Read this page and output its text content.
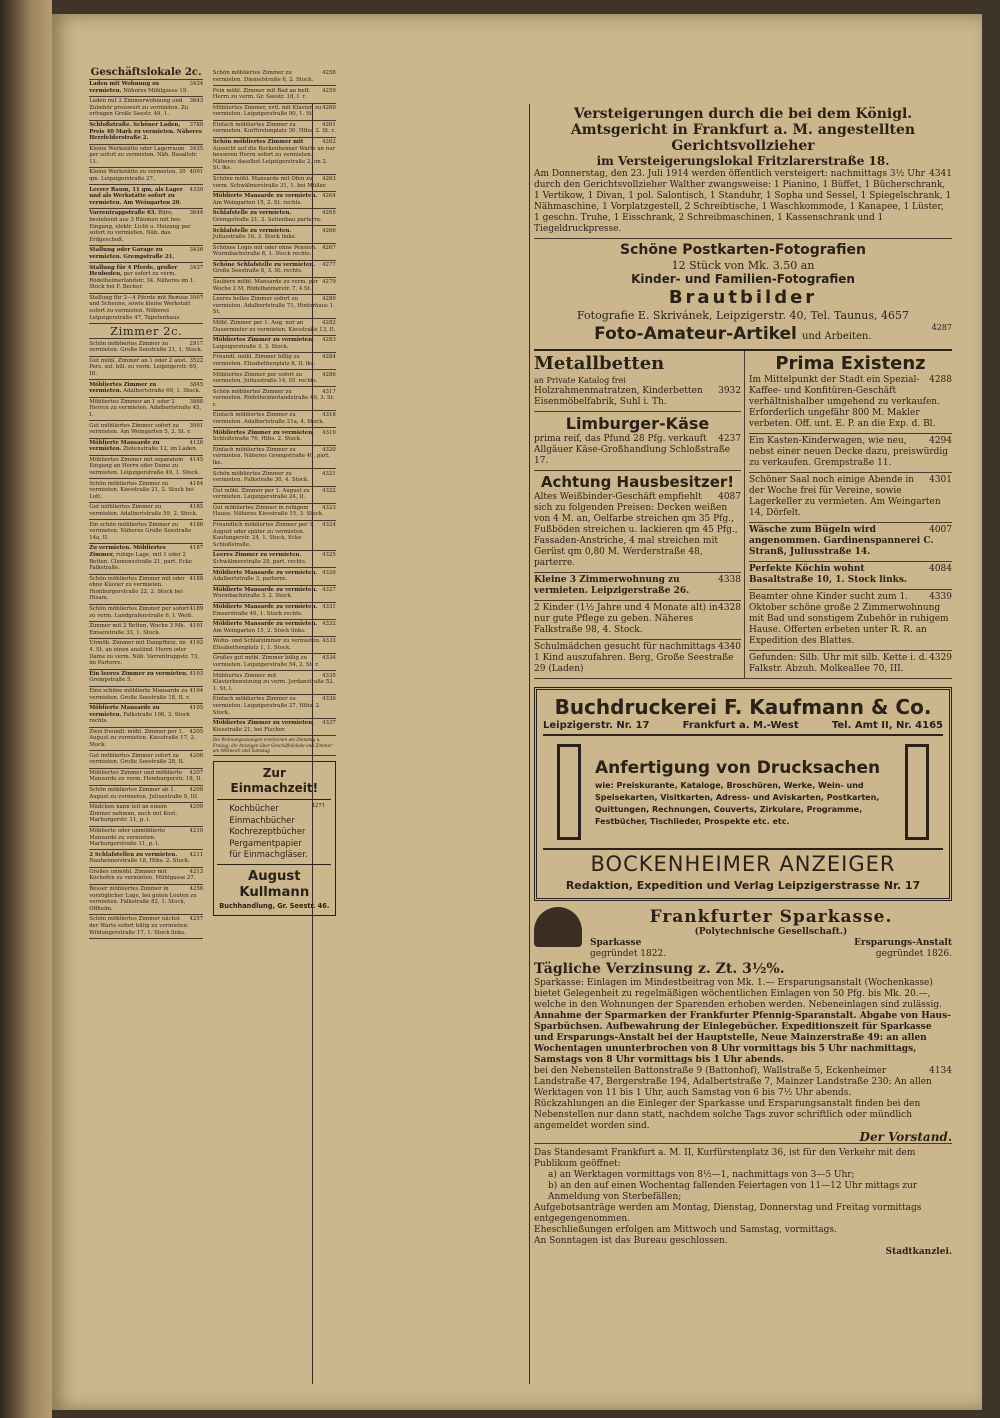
Geschäftslokale 2c.
3434
Laden mit Wohnung zu vermieten. Näheres Mühlgasse 19.
3643
Laden mit 2 Zimmerwohnung und Zubehör preiswert zu vermieten. Zu erfragen Große Seestr. 49, 1.
3788
Schloßstraße. Schöner Laden, Preis 40 Mark zu vermieten. Näheres Herzfelderstraße 2.
3435
Kleine Werkstätte oder Lagerraum per sofort zu vermieten. Näh. Basaltstr. 11.
4091
Kleine Werkstätte zu vermieten, 20 qm. Leipzigerstraße 27.
4330
Leerer Raum, 11 qm, als Lager und als Werkstätte sofort zu vermieten. Am Weingarten 20.
3644
Varrentrappstraße 63. Büro, bestehend aus 3 Räumen mit bes. Eingang, elektr. Licht u. Heizung per sofort zu vermieten. Näh. das. Erdgeschoß.
3436
Stallung oder Garage zu vermieten. Grempstraße 21.
3437
Stallung für 4 Pferde, großer Heuboden, per sofort zu verm. Rödelheimerlandstr. 34. Näheres im 1. Stock bei F. Becker.
3907
Stallung für 2—4 Pferde mit Remise und Scheune, sowie kleine Werkstatt sofort zu vermieten. Näheres Leipzigerstraße 47, Tapetenhaus.
Zimmer 2c.
2917
Schön möbliertes Zimmer zu vermieten. Große Seestraße 21, 1. Stock.
3522
Gut möbl. Zimmer an 1 oder 2 anst. Pers. sof. bill. zu verm. Leipzigerstr. 69, III.
3845
Möbliertes Zimmer zu vermieten. Adalbertstraße 69, 1. Stock.
3868
Möbliertes Zimmer an 1 oder 2 Herren zu vermieten. Adalbertstraße 45, I.
3991
Gut möbliertes Zimmer sofort zu vermieten. Am Weingarten 5, 2. St. r.
4126
Möblierte Mansarde zu vermieten. Zietenstraße 12, im Laden.
4145
Möbliertes Zimmer mit separatem Eingang an Herrn oder Dame zu vermieten. Leipzigerstraße 49, 1. Stock.
4184
Schön möbliertes Zimmer zu vermieten. Kiesstraße 21, 2. Stock bei Lott.
4185
Gut möbliertes Zimmer zu vermieten. Adalbertstraße 59, 2. Stock.
4186
Ein schön möbliertes Zimmer zu vermieten. Näheres Große Seestraße 14a, II.
4187
Zu vermieten. Möbliertes Zimmer, ruhige Lage, mit 1 oder 2 Betten. Clemensstraße 21, part. Ecke Falkstraße.
4188
Schön möbliertes Zimmer mit oder ohne Klavier zu vermieten. Homburgerstraße 22, 2. Stock bei Hisam.
4189
Schön möbliertes Zimmer per sofort zu verm. Landgrafenstraße 6, I. Weiß.
4191
Zimmer mit 2 Betten, Woche 3 Mk. Emserstraße 33, 1. Stock.
4192
Unmöb. Zimmer mit Dampfheiz. im 4. St. an einen anständ. Herrn oder Dame zu verm. Näh. Varrentrappstr. 73, im Parterre.
4193
Ein leeres Zimmer zu vermieten. Grempstraße 5.
4194
Eine schöne möblierte Mansarde zu vermieten. Große Seestraße 18, II. r.
4195
Möblierte Mansarde zu vermieten. Falkstraße 108, 3. Stock rechts.
4205
Zwei freundl. möbl. Zimmer per 1. August zu vermieten. Kiesstraße 17, 2. Stock.
4206
Gut möbliertes Zimmer sofort zu vermieten. Große Seestraße 28, II.
4207
Möbliertes Zimmer und möblierte Mansarde zu verm. Homburgerstr. 18, II.
4208
Schön möbliertes Zimmer ab 1. August zu vermieten. Juliusstraße 9, III.
4209
Mädchen kann teil an einem Zimmer nehmen, auch mit Kost. Marburgerstr. 11, p. l.
4210
Möblierte oder unmöblierte Mansarde zu vermieten. Marburgerstraße 11, p. l.
4211
2 Schlafstellen zu vermieten. Nauheimerstraße 18, Hths. 2. Stock.
4213
Großes unmöbl. Zimmer mit Kochofen zu vermieten. Mühlgasse 27.
4256
Besser möbliertes Zimmer in vorzüglicher Lage, bei guten Leuten zu vermieten. Falkstraße 82, 1. Stock, Offheim.
4257
Schön möbliertes Zimmer nächst der Warte sofort billig zu vermieten. Wildungerstraße 17, 1. Stock links.
4258
Schön möbliertes Zimmer zu vermieten. Diemelstraße 6, 2. Stock.
4259
Fein möbl. Zimmer mit Bad an beff. Herrn zu verm. Gr. Seestr. 18, I. r.
4260
Möbliertes Zimmer, evtl. mit Klavier, zu vermieten. Leipzigerstraße 90, 1. St.
4261
Einfach möbliertes Zimmer zu vermieten. Kurfürstenplatz 30, Hths. 2. St. r.
4262
Schön möbliertes Zimmer mit Aussicht auf die Bockenheimer Warte an nur besseren Herrn sofort zu vermieten. Näheres daselbst Leipzigerstraße 2, im 2. St. lks.
4263
Schöne möbl. Mansarde mit Ofen zu verm. Schwälmerstraße 31, 1. bei Müller.
4264
Möblierte Mansarde zu vermieten. Am Weingarten 15, 2. St. rechts.
4265
Schlafstelle zu vermieten. Grempstraße 21, 2. Seitenbau parterre.
4266
Schlafstelle zu vermieten. Juliusstraße 16, 3. Stock links.
4267
Schönes Logis mit oder ohne Pension. Wurmbachstraße 8, 1. Stock rechts.
4277
Schöne Schlafstelle zu vermieten. Große Seestraße 8, 3. St. rechts.
4279
Saubere möbl. Mansarde zu verm. per Woche 2 M. Rödelheimerstr. 7, 4 St.
4280
Leeres helles Zimmer sofort zu vermieten. Adalbertstraße 71, Hinterhaus 1. St.
4282
Möbl. Zimmer per 1. Aug. nur an Dauermieter zu vermieten. Kiesstraße 13, II.
4283
Möbliertes Zimmer zu vermieten. Leipzigerstraße 3, 3. Stock.
4284
Freundl. möbl. Zimmer billig zu vermieten. Elisabethenplatz 8, II. lks.
4286
Möbliertes Zimmer per sofort zu vermieten. Juliusstraße 14, III. rechts.
4317
Schön möbliertes Zimmer zu vermieten. Rödelheimerlandstraße 40, 3. St. r.
4318
Einfach möbliertes Zimmer zu vermieten. Adalbertstraße 21a, 4. Stock.
4319
Möbliertes Zimmer zu vermieten. Schloßstraße 76, Hths. 2. Stock.
4320
Einfach möbliertes Zimmer zu vermieten. Näheres Grempstraße 40, part. lks.
4321
Schön möbliertes Zimmer zu vermieten. Falkstraße 30, 4. Stock.
4322
Gut möbl. Zimmer per 1. August zu vermieten. Leipzigerstraße 24, II.
4323
Gut möbliertes Zimmer in ruhigem Hause. Näheres Kiesstraße 15, 3. Stock.
4324
Freundlich möbliertes Zimmer per 1. August oder später zu vermieten. Kaufungerstr. 24, 1. Stock, Ecke Schloßstraße.
4325
Leeres Zimmer zu vermieten. Schwälmerstraße 29, part. rechts.
4326
Möblierte Mansarde zu vermieten. Adalbertstraße 3, parterre.
4327
Möblierte Mansarde zu vermieten. Wurmbachstraße 3, 2. Stock.
4331
Möblierte Mansarde zu vermieten. Emserstraße 40, 1. Stock rechts.
4332
Möblierte Mansarde zu vermieten. Am Weingarten 15, 2. Stock links.
4333
Wohn- und Schlafzimmer zu vermieten. Elisabethenplatz 1, 1. Stock.
4334
Großes gut möbl. Zimmer billig zu vermieten. Leipzigerstraße 54, 2. St. r.
4335
Möbliertes Zimmer mit Klavierbenutzung zu verm. Jordanstraße 52, 1. St. l.
4336
Einfach möbliertes Zimmer zu vermieten. Leipzigerstraße 27, Hths. 2. Stock.
4337
Möbliertes Zimmer zu vermieten. Kiesstraße 21, bei Fischer.
Die Wohnungsanzeigen erscheinen am Dienstag u. Freitag; die Anzeigen über Geschäftslokale und Zimmer am Mittwoch und Samstag
Zur Einmachzeit!
4271
Kochbücher
Einmachbücher
Kochrezeptbücher
Pergamentpapier
für Einmachgläser.
August Kullmann
Buchhandlung, Gr. Seestr. 46.
Versteigerungen durch die bei dem Königl. Amtsgericht in Frankfurt a. M. angestellten Gerichtsvollzieher
im Versteigerungslokal Fritzlarerstraße 18.
4341
Am Donnerstag, den 23. Juli 1914 werden öffentlich versteigert: nachmittags 3½ Uhr durch den Gerichtsvollzieher Walther zwangsweise: 1 Pianino, 1 Büffet, 1 Bücherschrank, 1 Vertikow, 1 Divan, 1 pol. Salontisch, 1 Standuhr, 1 Sopha und Sessel, 1 Spiegelschrank, 1 Nähmaschine, 1 Vorplatzgestell, 2 Schreibtische, 1 Waschkommode, 1 Kanapee, 1 Lüster, 1 geschn. Truhe, 1 Eisschrank, 2 Schreibmaschinen, 1 Kassenschrank und 1 Tiegeldruckpresse.
Schöne Postkarten-Fotografien
12 Stück von Mk. 3.50 an
Kinder- und Familien-Fotografien
Brautbilder
Fotografie E. Skrivánek, Leipzigerstr. 40, Tel. Taunus, 4657
Foto-Amateur-Artikel und Arbeiten.
4287
Metallbetten
an Private Katalog frei
3932
Holzrahmenmatratzen, Kinderbetten Eisenmöbelfabrik, Suhl i. Th.
Limburger-Käse
4237
prima reif, das Pfund 28 Pfg. verkauft Allgäuer Käse-Großhandlung Schloßstraße 17.
Achtung Hausbesitzer!
4087
Altes Weißbinder-Geschäft empfiehlt sich zu folgenden Preisen: Decken weißen von 4 M. an, Oelfarbe streichen qm 35 Pfg., Fußböden streichen u. lackieren qm 45 Pfg., Fassaden-Anstriche, 4 mal streichen mit Gerüst qm 0,80 M. Werderstraße 48, parterre.
4338
Kleine 3 Zimmerwohnung zu vermieten. Leipzigerstraße 26.
4328
2 Kinder (1½ Jahre und 4 Monate alt) in nur gute Pflege zu geben. Näheres Falkstraße 98, 4. Stock.
4340
Schulmädchen gesucht für nachmittags 1 Kind auszufahren. Berg, Große Seestraße 29 (Laden)
Prima Existenz
4288
Im Mittelpunkt der Stadt ein Spezial-Kaffee- und Konfitüren-Geschäft verhältnishalber umgehend zu verkaufen. Erforderlich ungefähr 800 M. Makler verbeten. Off. unt. E. P. an die Exp. d. Bl.
4294
Ein Kasten-Kinderwagen, wie neu, nebst einer neuen Decke dazu, preiswürdig zu verkaufen. Grempstraße 11.
4301
Schöner Saal noch einige Abende in der Woche frei für Vereine, sowie Lagerkeller zu vermieten. Am Weingarten 14, Dörfelt.
4007
Wäsche zum Bügeln wird angenommen. Gardinenspannerei C. Stranß, Juliusstraße 14.
4084
Perfekte Köchin wohnt Basaltstraße 10, 1. Stock links.
4339
Beamter ohne Kinder sucht zum 1. Oktober schöne große 2 Zimmerwohnung mit Bad und sonstigem Zubehör in ruhigem Hause. Offerten erbeten unter R. R. an Expedition des Blattes.
4329
Gefunden: Silb. Uhr mit silb. Kette i. d. Falkstr. Abzuh. Molkeallee 70, III.
Buchdruckerei F. Kaufmann & Co.
Leipzigerstr. Nr. 17	Frankfurt a. M.-West	Tel. Amt II, Nr. 4165
Anfertigung von Drucksachen
wie: Preiskurante, Kataloge, Broschüren, Werke, Wein- und Speisekarten, Visitkarten, Adress- und Aviskarten, Postkarten, Quittungen, Rechnungen, Couverts, Zirkulare, Programme, Festbücher, Tischlieder, Prospekte etc. etc.
BOCKENHEIMER ANZEIGER
Redaktion, Expedition und Verlag Leipzigerstrasse Nr. 17
Frankfurter Sparkasse.
(Polytechnische Gesellschaft.)
Sparkasse
gegründet 1822.
Ersparungs-Anstalt
gegründet 1826.
Tägliche Verzinsung z. Zt. 3½%.
Sparkasse: Einlagen im Mindestbeitrag von Mk. 1.— Ersparungsanstalt (Wochenkasse) bietet Gelegenheit zu regelmäßigen wöchentlichen Einlagen von 50 Pfg. bis Mk. 20.—, welche in den Wohnungen der Sparenden erhoben werden. Nebeneinlagen sind zulässig.
Annahme der Sparmarken der Frankfurter Pfennig-Sparanstalt. Abgabe von Haus-Sparbüchsen. Aufbewahrung der Einlegebücher. Expeditionszeit für Sparkasse und Ersparungs-Anstalt bei der Hauptstelle, Neue Mainzerstraße 49: an allen Wochentagen ununterbrochen von 8 Uhr vormittags bis 5 Uhr nachmittags, Samstags von 8 Uhr vormittags bis 1 Uhr abends.
4134
bei den Nebenstellen Battonstraße 9 (Battonhof), Wallstraße 5, Eckenheimer Landstraße 47, Bergerstraße 194, Adalbertstraße 7, Mainzer Landstraße 230: An allen Werktagen von 11 bis 1 Uhr, auch Samstag von 6 bis 7½ Uhr abends.
Rückzahlungen an die Einleger der Sparkasse und Ersparungsanstalt finden bei den Nebenstellen nur dann statt, nachdem solche Tags zuvor schriftlich oder mündlich angemeldet worden sind.
Der Vorstand.
Das Standesamt Frankfurt a. M. II, Kurfürstenplatz 36, ist für den Verkehr mit dem Publikum geöffnet:
a) an Werktagen vormittags von 8½—1, nachmittags von 3—5 Uhr;
b) an den auf einen Wochentag fallenden Feiertagen von 11—12 Uhr mittags zur Anmeldung von Sterbefällen;
Aufgebotsanträge werden am Montag, Dienstag, Donnerstag und Freitag vormittags entgegengenommen.
Eheschließungen erfolgen am Mittwoch und Samstag, vormittags.
An Sonntagen ist das Bureau geschlossen.
Stadtkanzlei.
